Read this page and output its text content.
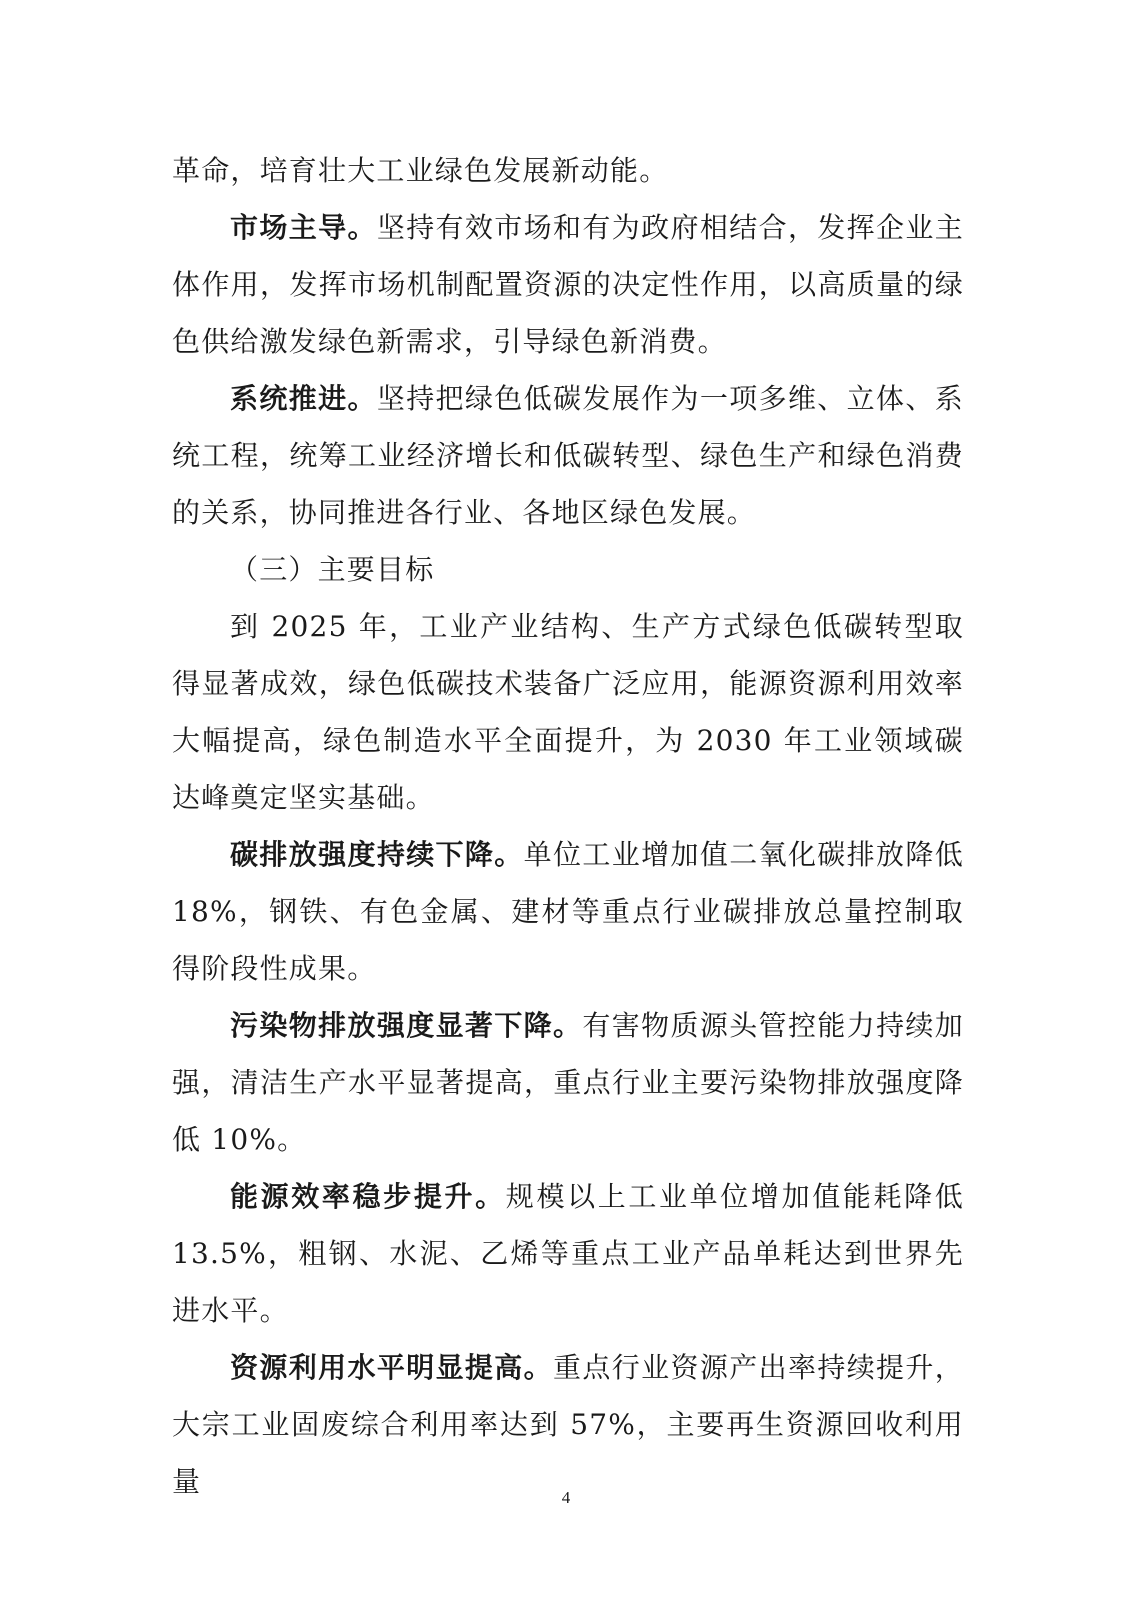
革命，培育壮大工业绿色发展新动能。

市场主导。坚持有效市场和有为政府相结合，发挥企业主体作用，发挥市场机制配置资源的决定性作用，以高质量的绿色供给激发绿色新需求，引导绿色新消费。

系统推进。坚持把绿色低碳发展作为一项多维、立体、系统工程，统筹工业经济增长和低碳转型、绿色生产和绿色消费的关系，协同推进各行业、各地区绿色发展。

（三）主要目标

到 2025 年，工业产业结构、生产方式绿色低碳转型取得显著成效，绿色低碳技术装备广泛应用，能源资源利用效率大幅提高，绿色制造水平全面提升，为 2030 年工业领域碳达峰奠定坚实基础。

碳排放强度持续下降。单位工业增加值二氧化碳排放降低 18%，钢铁、有色金属、建材等重点行业碳排放总量控制取得阶段性成果。

污染物排放强度显著下降。有害物质源头管控能力持续加强，清洁生产水平显著提高，重点行业主要污染物排放强度降低 10%。

能源效率稳步提升。规模以上工业单位增加值能耗降低 13.5%，粗钢、水泥、乙烯等重点工业产品单耗达到世界先进水平。

资源利用水平明显提高。重点行业资源产出率持续提升，大宗工业固废综合利用率达到 57%，主要再生资源回收利用量	4
